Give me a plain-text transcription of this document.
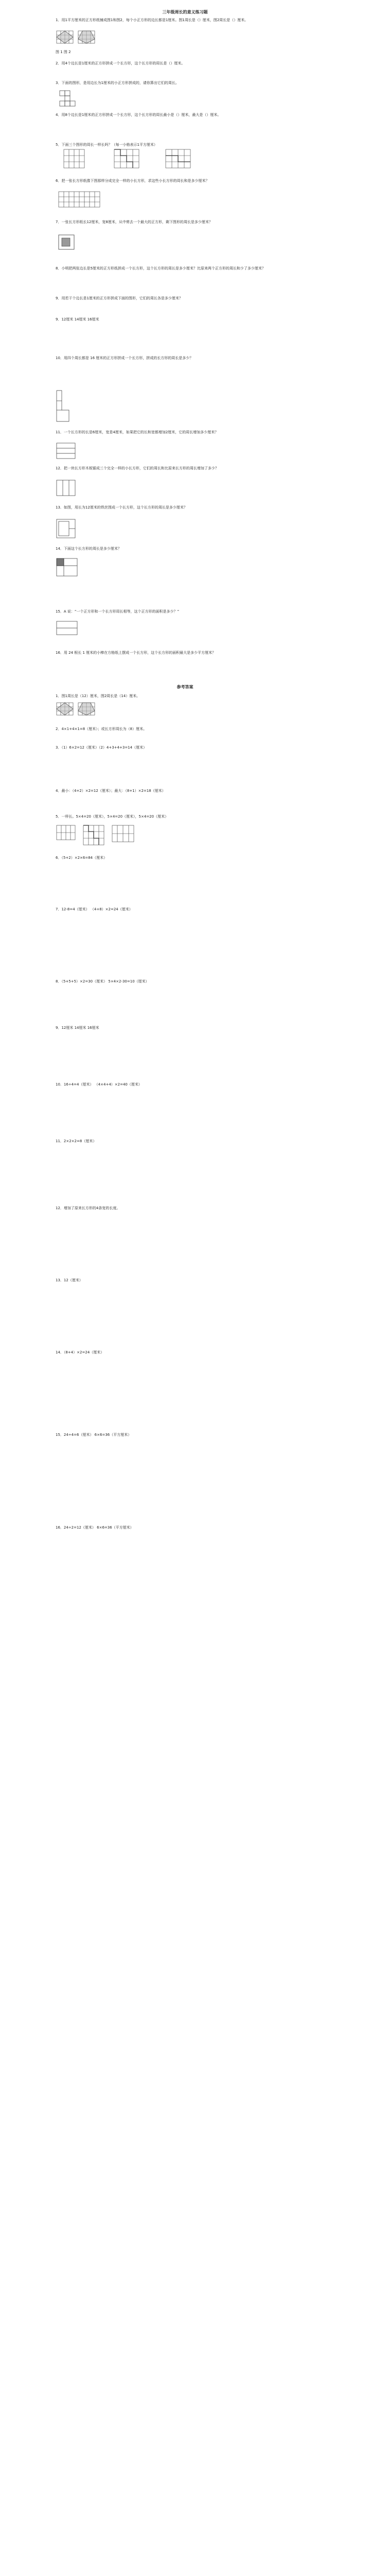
三年级周长的意义练习题
1．用1平方厘米的正方形纸铺成图1和图2，每个小正方形的边长都是1厘米。图1周长是（）厘米，图2周长是（）厘米。
图 1 图 2
2．用4个边长是1厘米的正方形拼成一个长方形，这个长方形的周长是（）厘米。
3．下面的图形，是用边长为1厘米的小正方形拼成的，请你算出它们的周长。
4．用8个边长是1厘米的正方形拼成一个长方形，这个长方形的周长最小是（）厘米，最大是（）厘米。
5．下面三个图形的周长一样长吗？（每一小格表示1平方厘米）
6．把一张长方形纸像下图那样分成完全一样的小长方形，求这些小长方形的周长和是多少厘米？
7．一张长方形纸长12厘米，宽8厘米，从中剪去一个最大的正方形，剩下图形的周长是多少厘米？
8．小明把两张边长是5厘米的正方形纸拼成一个长方形，这个长方形的周长是多少厘米？比原来两个正方形的周长和少了多少厘米？
9．用若干个边长是1厘米的正方形拼成下面的图形，它们的周长各是多少厘米？
9．12厘米 14厘米 16厘米
10．用四个周长都是 16 厘米的正方形拼成一个长方形，拼成的长方形的周长是多少？
11．一个长方形的长是6厘米，宽是4厘米，如果把它的长和宽都增加2厘米，它的周长增加多少厘米？
12．把一块长方形木板锯成三个完全一样的小长方形，它们的周长和比原来长方形的周长增加了多少？
13．如图，用长为12厘米的铁丝围成一个长方形，这个长方形的周长是多少厘米？
14．下面这个长方形的周长是多少厘米？
15．A 说：“一个正方形和一个长方形周长相等，这个正方形的面积是多少？”
16．用 24 根长 1 厘米的小棒在方格纸上摆成一个长方形，这个长方形的面积最大是多少平方厘米？
参考答案
1．图1周长是（12）厘米，图2周长是（14）厘米。
2．4×1+4×1=8（厘米）；或长方形周长为（8）厘米。
3．（1）6×2=12（厘米）（2）4+3+4+3=14（厘米）
4．最小：（4+2）×2=12（厘米）；最大：（8+1）×2=18（厘米）
5．一样长。5×4=20（厘米），5×4=20（厘米），5×4=20（厘米）
6．（5+2）×2×6=84（厘米）
7．12-8=4（厘米） （4+8）×2=24（厘米）
8．（5+5+5）×2=30（厘米） 5×4×2-30=10（厘米）
9．12厘米 14厘米 16厘米
10．16÷4=4（厘米） （4×4+4）×2=40（厘米）
11．2×2×2=8（厘米）
12．增加了原来长方形的4条宽的长度。
13．12（厘米）
14．（8+4）×2=24（厘米）
15．24÷4=6（厘米） 6×6=36（平方厘米）
16．24÷2=12（厘米） 6×6=36（平方厘米）
